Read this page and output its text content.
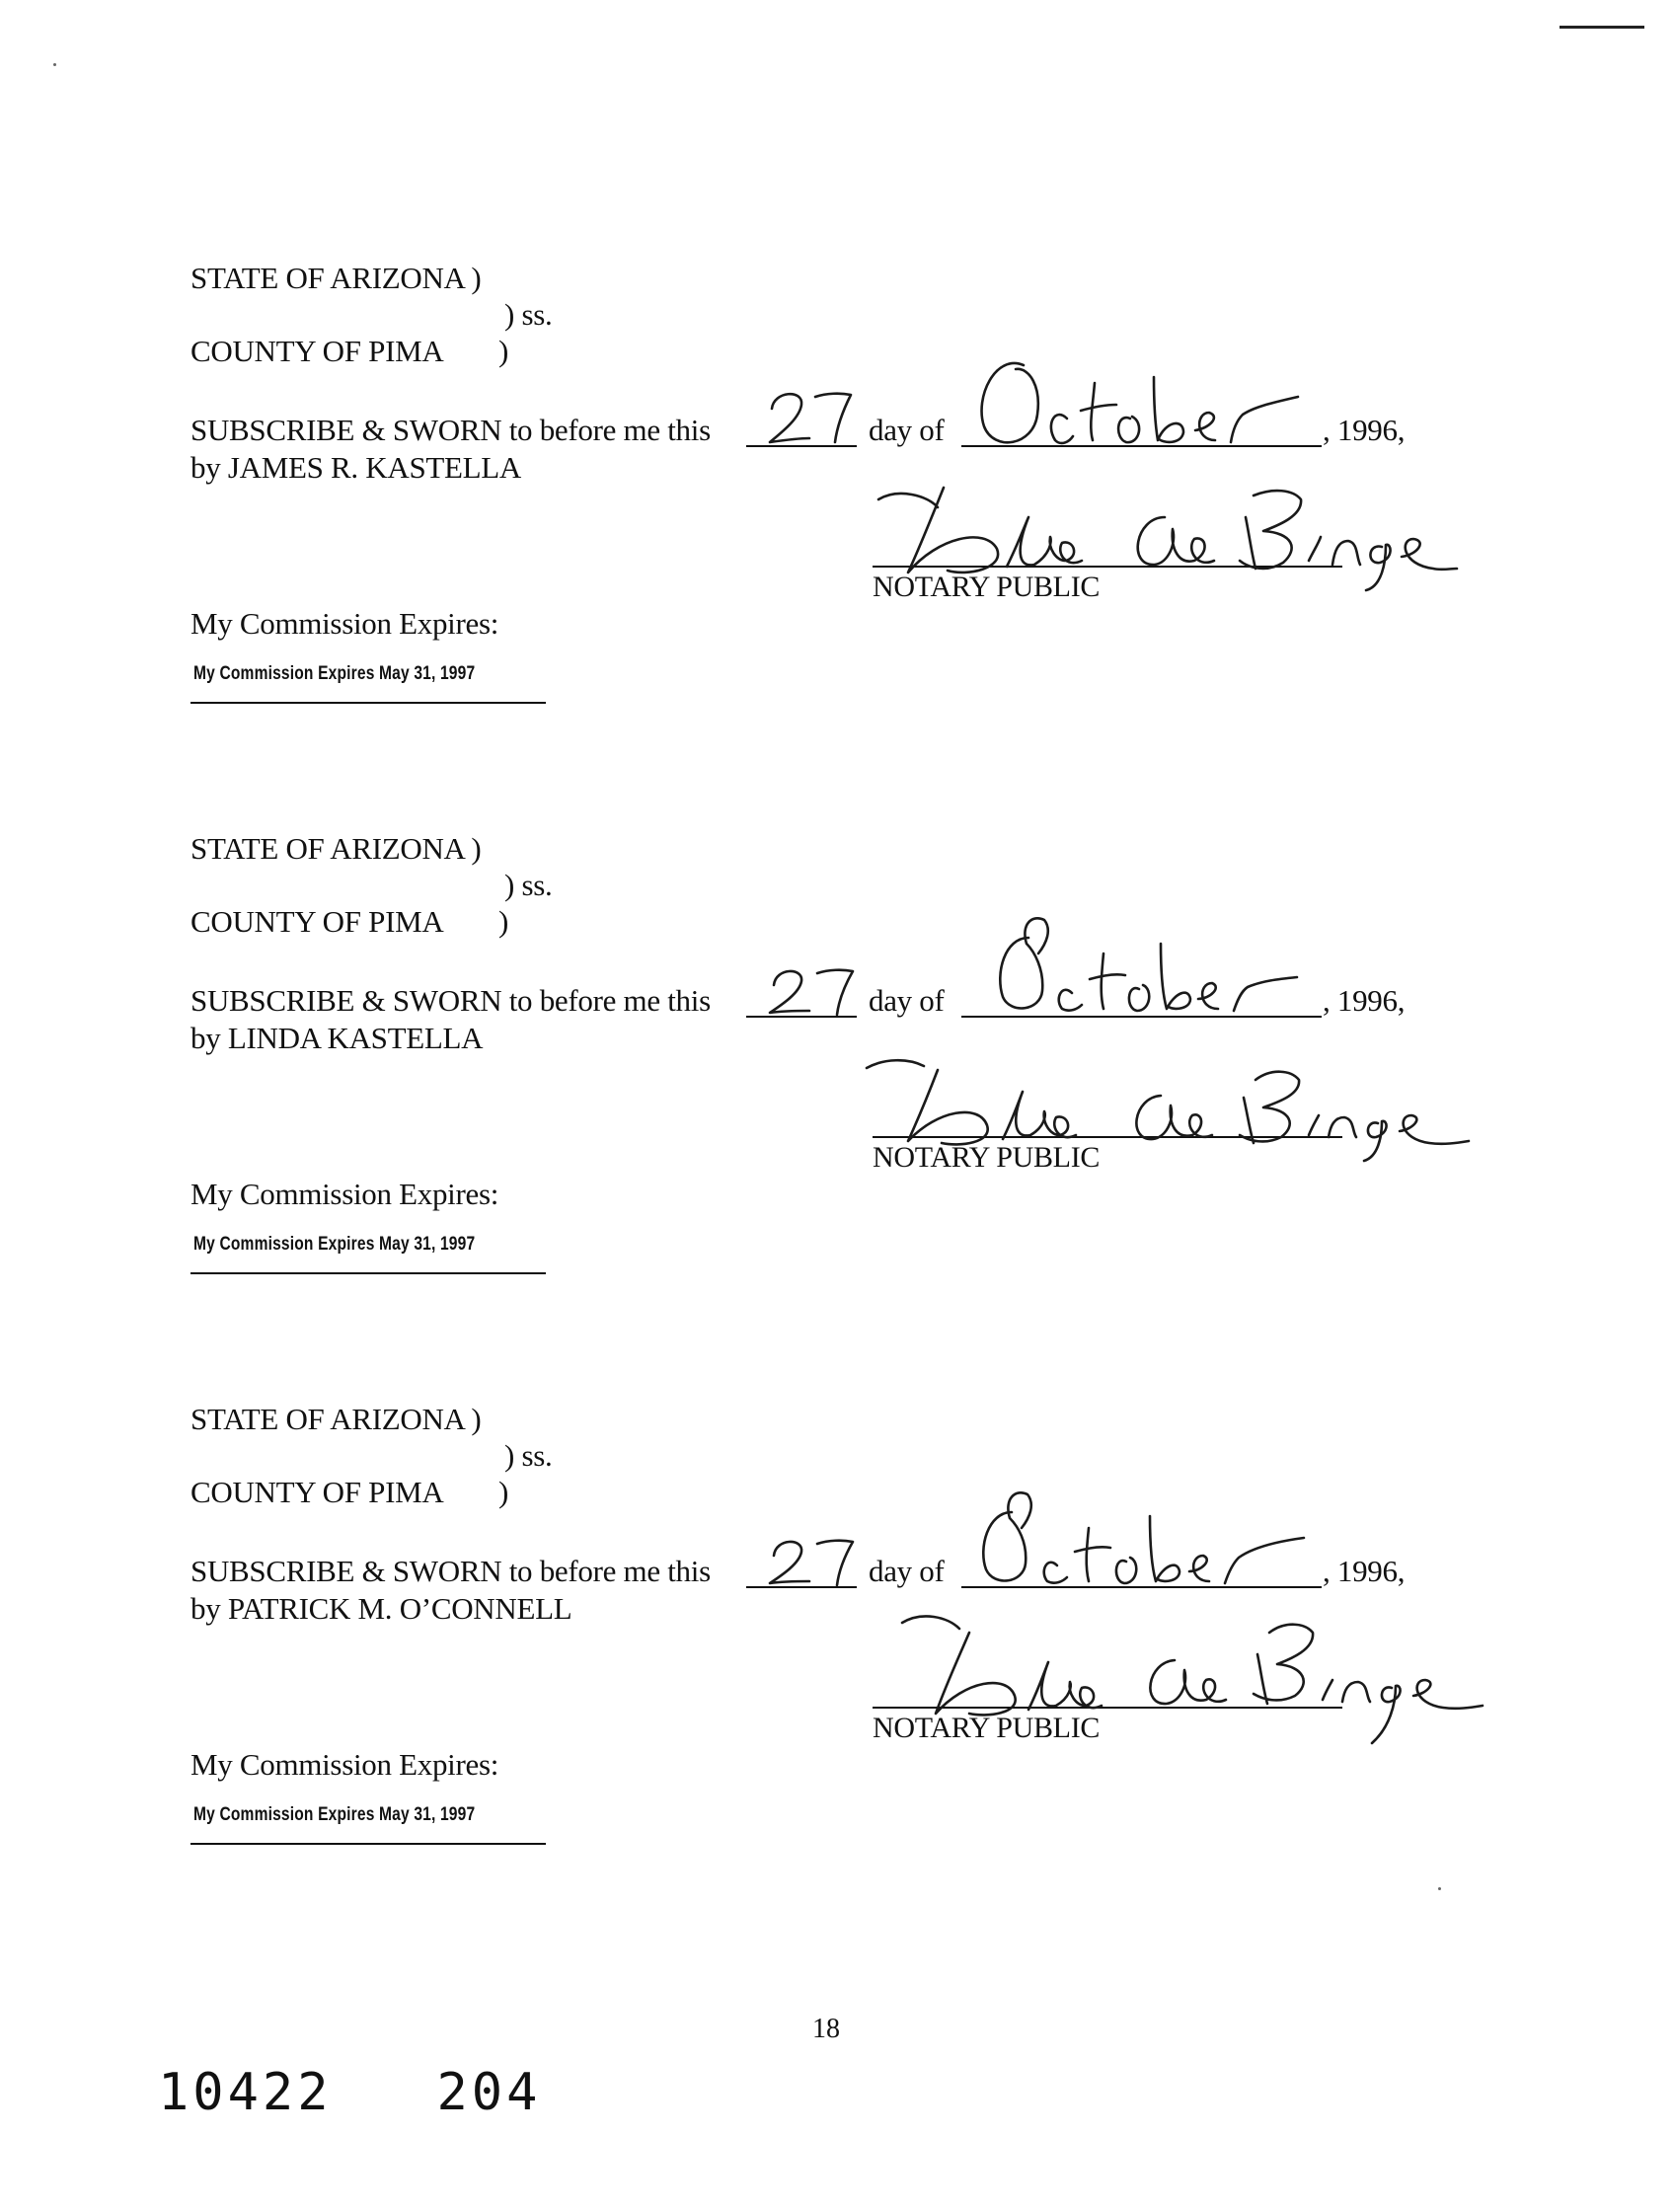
STATE OF ARIZONA )
) ss.
COUNTY OF PIMA )
SUBSCRIBE & SWORN to before me this	day of	, 1996,
by JAMES R. KASTELLA
NOTARY PUBLIC
My Commission Expires:
My Commission Expires May 31, 1997
STATE OF ARIZONA )
) ss.
COUNTY OF PIMA )
SUBSCRIBE & SWORN to before me this	day of	, 1996,
by LINDA KASTELLA
NOTARY PUBLIC
My Commission Expires:
My Commission Expires May 31, 1997
STATE OF ARIZONA )
) ss.
COUNTY OF PIMA )
SUBSCRIBE & SWORN to before me this	day of	, 1996,
by PATRICK M. O’CONNELL
NOTARY PUBLIC
My Commission Expires:
My Commission Expires May 31, 1997
18
10422   204
